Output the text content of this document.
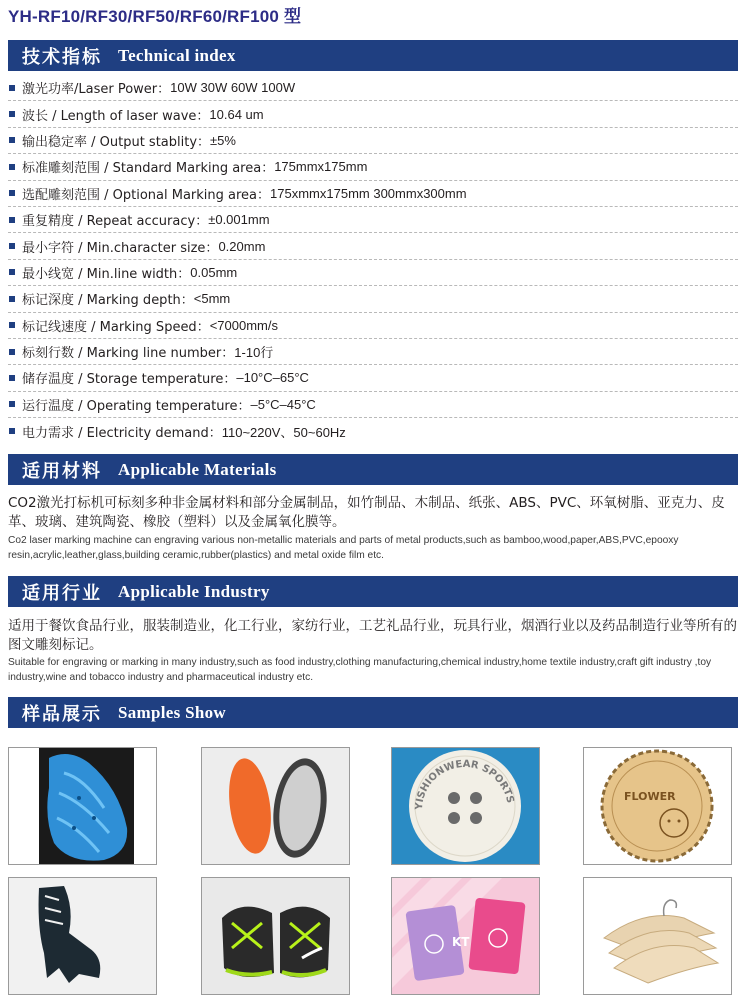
YH-RF10/RF30/RF50/RF60/RF100 型
技术指标 Technical index
激光功率/Laser Power： 10W 30W 60W 100W
波长 / Length of laser wave： 10.64 um
输出稳定率 / Output stablity： ±5%
标准雕刻范围 / Standard Marking area： 175mmx175mm
选配雕刻范围 / Optional Marking area： 175xmmx175mm 300mmx300mm
重复精度 / Repeat accuracy： ±0.001mm
最小字符 / Min.character size： 0.20mm
最小线宽 / Min.line width： 0.05mm
标记深度 / Marking depth： <5mm
标记线速度 / Marking Speed： <7000mm/s
标刻行数 / Marking line number： 1-10行
储存温度 / Storage temperature： –10°C–65°C
运行温度 / Operating temperature： –5°C–45°C
电力需求 / Electricity demand： 110~220V、50~60Hz
适用材料 Applicable Materials
CO2激光打标机可标刻多种非金属材料和部分金属制品，如竹制品、木制品、纸张、ABS、PVC、环氧树脂、亚克力、皮革、玻璃、建筑陶瓷、橡胶（塑料）以及金属氧化膜等。
Co2 laser marking machine can engraving various non-metallic materials and parts of metal products,such as bamboo,wood,paper,ABS,PVC,epooxy resin,acrylic,leather,glass,building ceramic,rubber(plastics) and metal oxide film etc.
适用行业 Applicable Industry
适用于餐饮食品行业，服装制造业，化工行业，家纺行业，工艺礼品行业，玩具行业，烟酒行业以及药品制造行业等所有的图文雕刻标记。
Suitable for engraving or marking in many industry,such as food industry,clothing manufacturing,chemical industry,home textile industry,craft gift industry ,toy industry,wine and tobacco industry and pharmaceutical industry etc.
样品展示 Samples Show
YISHIONWEAR SPORTS	FLOWER
KT
